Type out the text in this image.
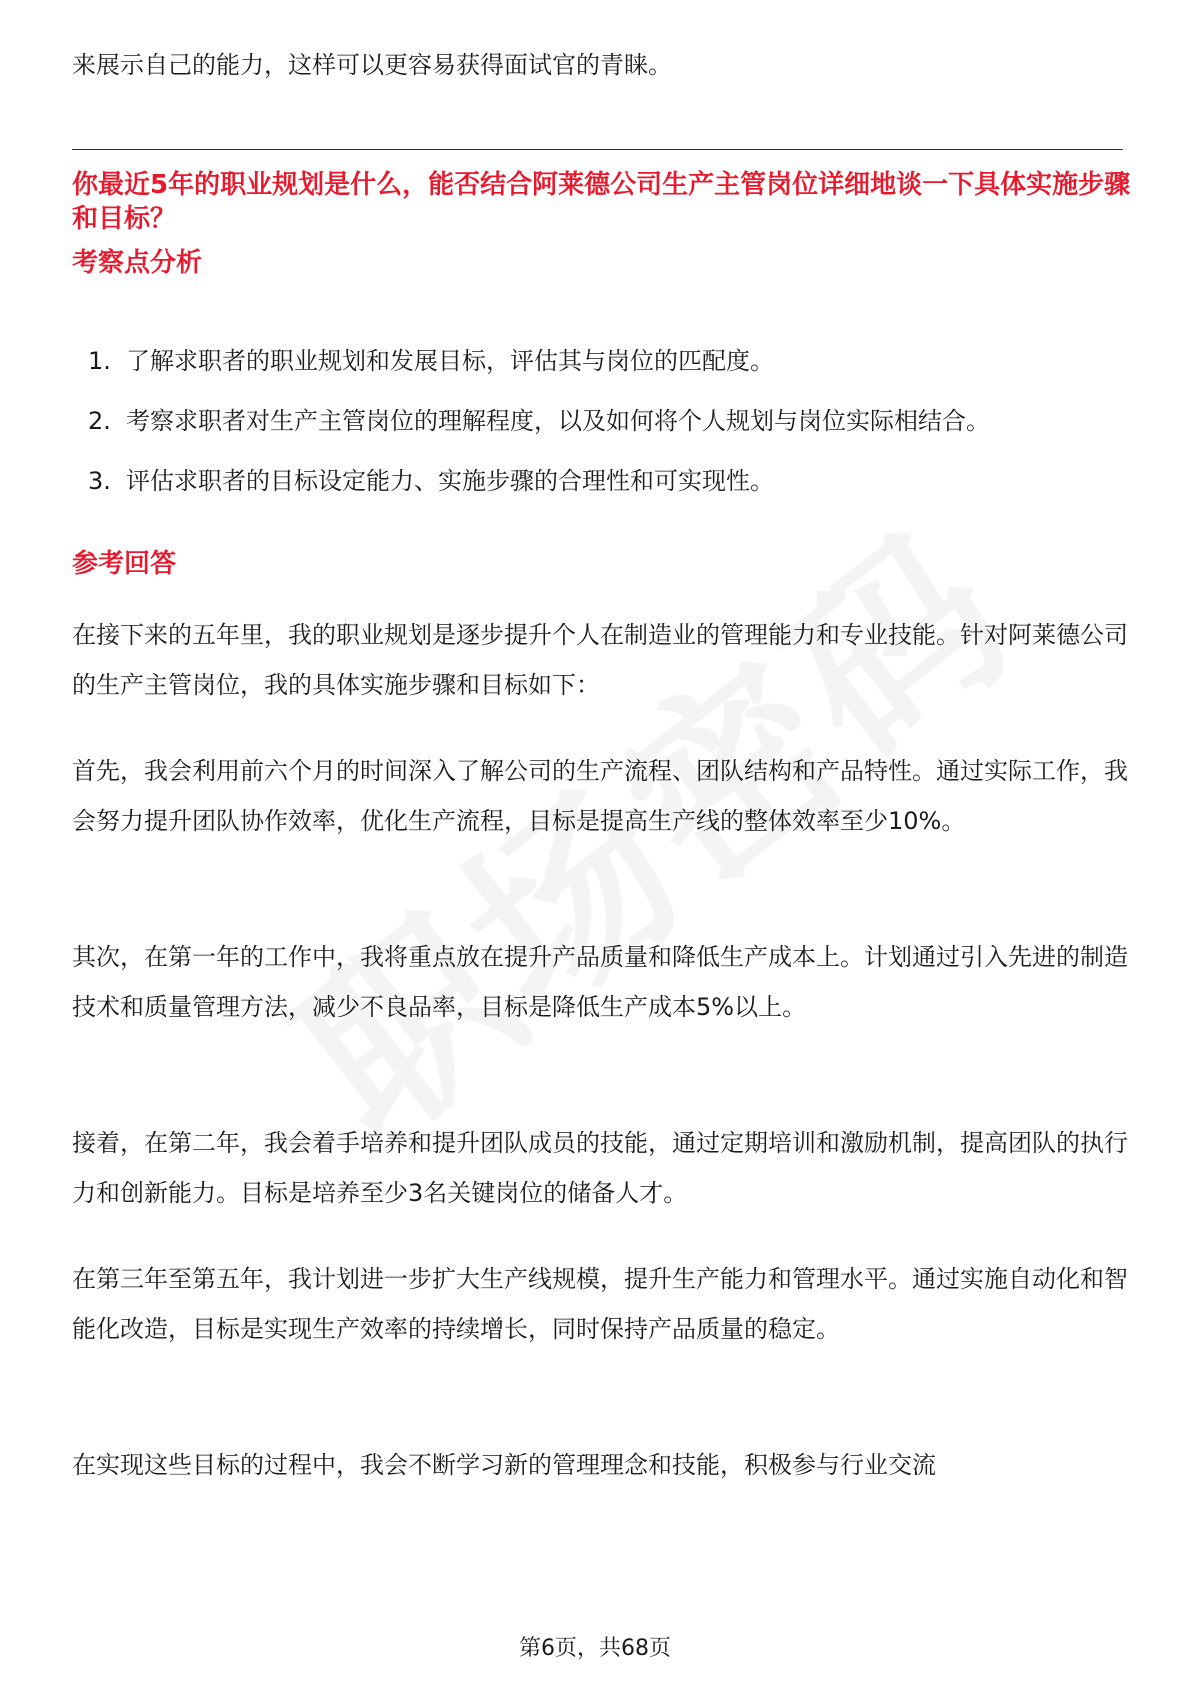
来展示自己的能力，这样可以更容易获得面试官的青睐。

你最近5年的职业规划是什么，能否结合阿莱德公司生产主管岗位详细地谈一下具体实施步骤和目标？

考察点分析

1. 了解求职者的职业规划和发展目标，评估其与岗位的匹配度。
2. 考察求职者对生产主管岗位的理解程度，以及如何将个人规划与岗位实际相结合。
3. 评估求职者的目标设定能力、实施步骤的合理性和可实现性。

参考回答

在接下来的五年里，我的职业规划是逐步提升个人在制造业的管理能力和专业技能。针对阿莱德公司的生产主管岗位，我的具体实施步骤和目标如下：

首先，我会利用前六个月的时间深入了解公司的生产流程、团队结构和产品特性。通过实际工作，我会努力提升团队协作效率，优化生产流程，目标是提高生产线的整体效率至少10%。

其次，在第一年的工作中，我将重点放在提升产品质量和降低生产成本上。计划通过引入先进的制造技术和质量管理方法，减少不良品率，目标是降低生产成本5%以上。

接着，在第二年，我会着手培养和提升团队成员的技能，通过定期培训和激励机制，提高团队的执行力和创新能力。目标是培养至少3名关键岗位的储备人才。

在第三年至第五年，我计划进一步扩大生产线规模，提升生产能力和管理水平。通过实施自动化和智能化改造，目标是实现生产效率的持续增长，同时保持产品质量的稳定。

在实现这些目标的过程中，我会不断学习新的管理理念和技能，积极参与行业交流

第6页，共68页
